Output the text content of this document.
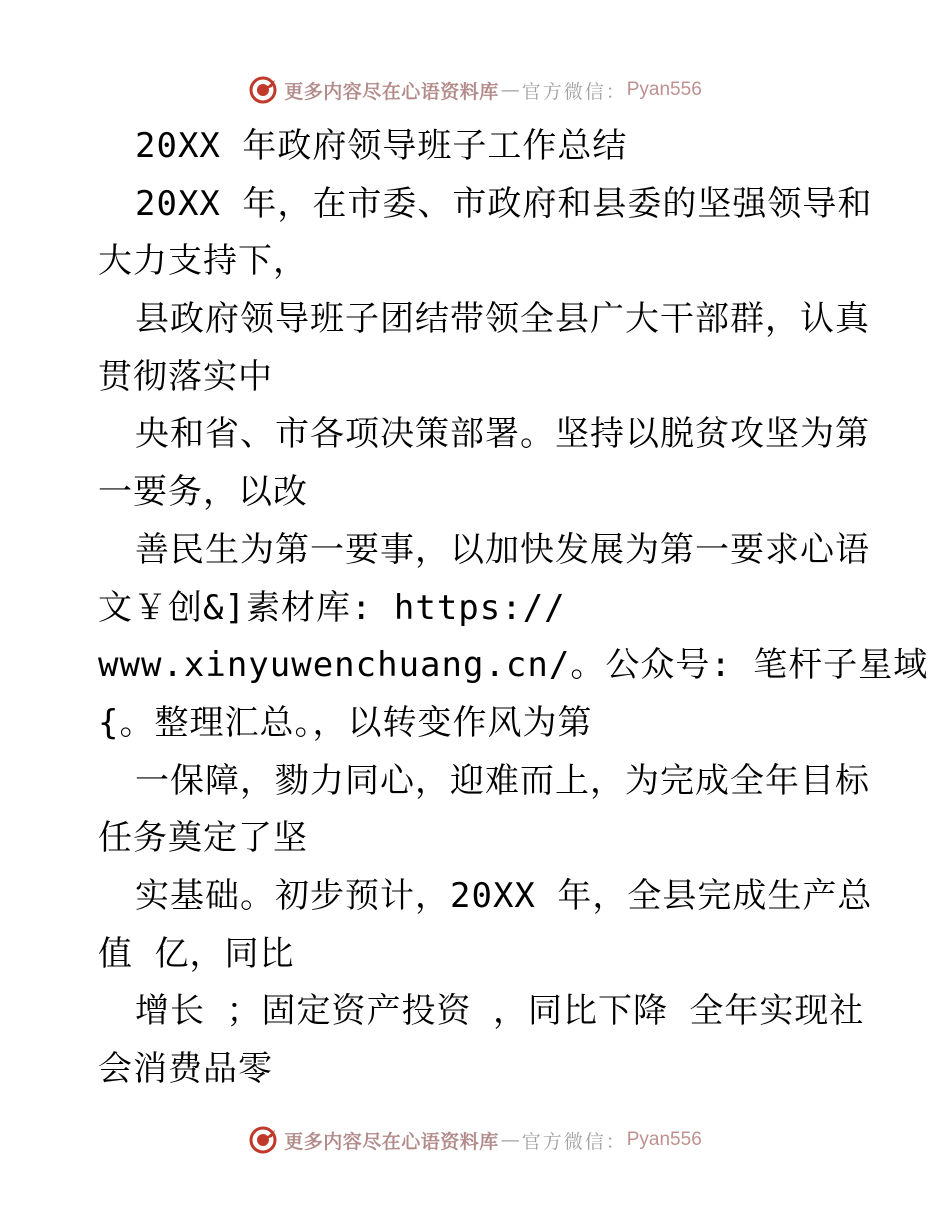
更多内容尽在心语资料库 — 官方微信： Pyan556
20XX 年政府领导班子工作总结
20XX 年，在市委、市政府和县委的坚强领导和
大力支持下，
县政府领导班子团结带领全县广大干部群，认真
贯彻落实中
央和省、市各项决策部署。坚持以脱贫攻坚为第
一要务，以改
善民生为第一要事，以加快发展为第一要求心语
文￥创&]素材库: https://
www.xinyuwenchuang.cn/。公众号: 笔杆子星域
{。整理汇总。，以转变作风为第
一保障，勠力同心，迎难而上，为完成全年目标
任务奠定了坚
实基础。初步预计，20XX 年，全县完成生产总
值 亿，同比
增长 ；固定资产投资 ，同比下降 全年实现社
会消费品零
更多内容尽在心语资料库 — 官方微信： Pyan556
